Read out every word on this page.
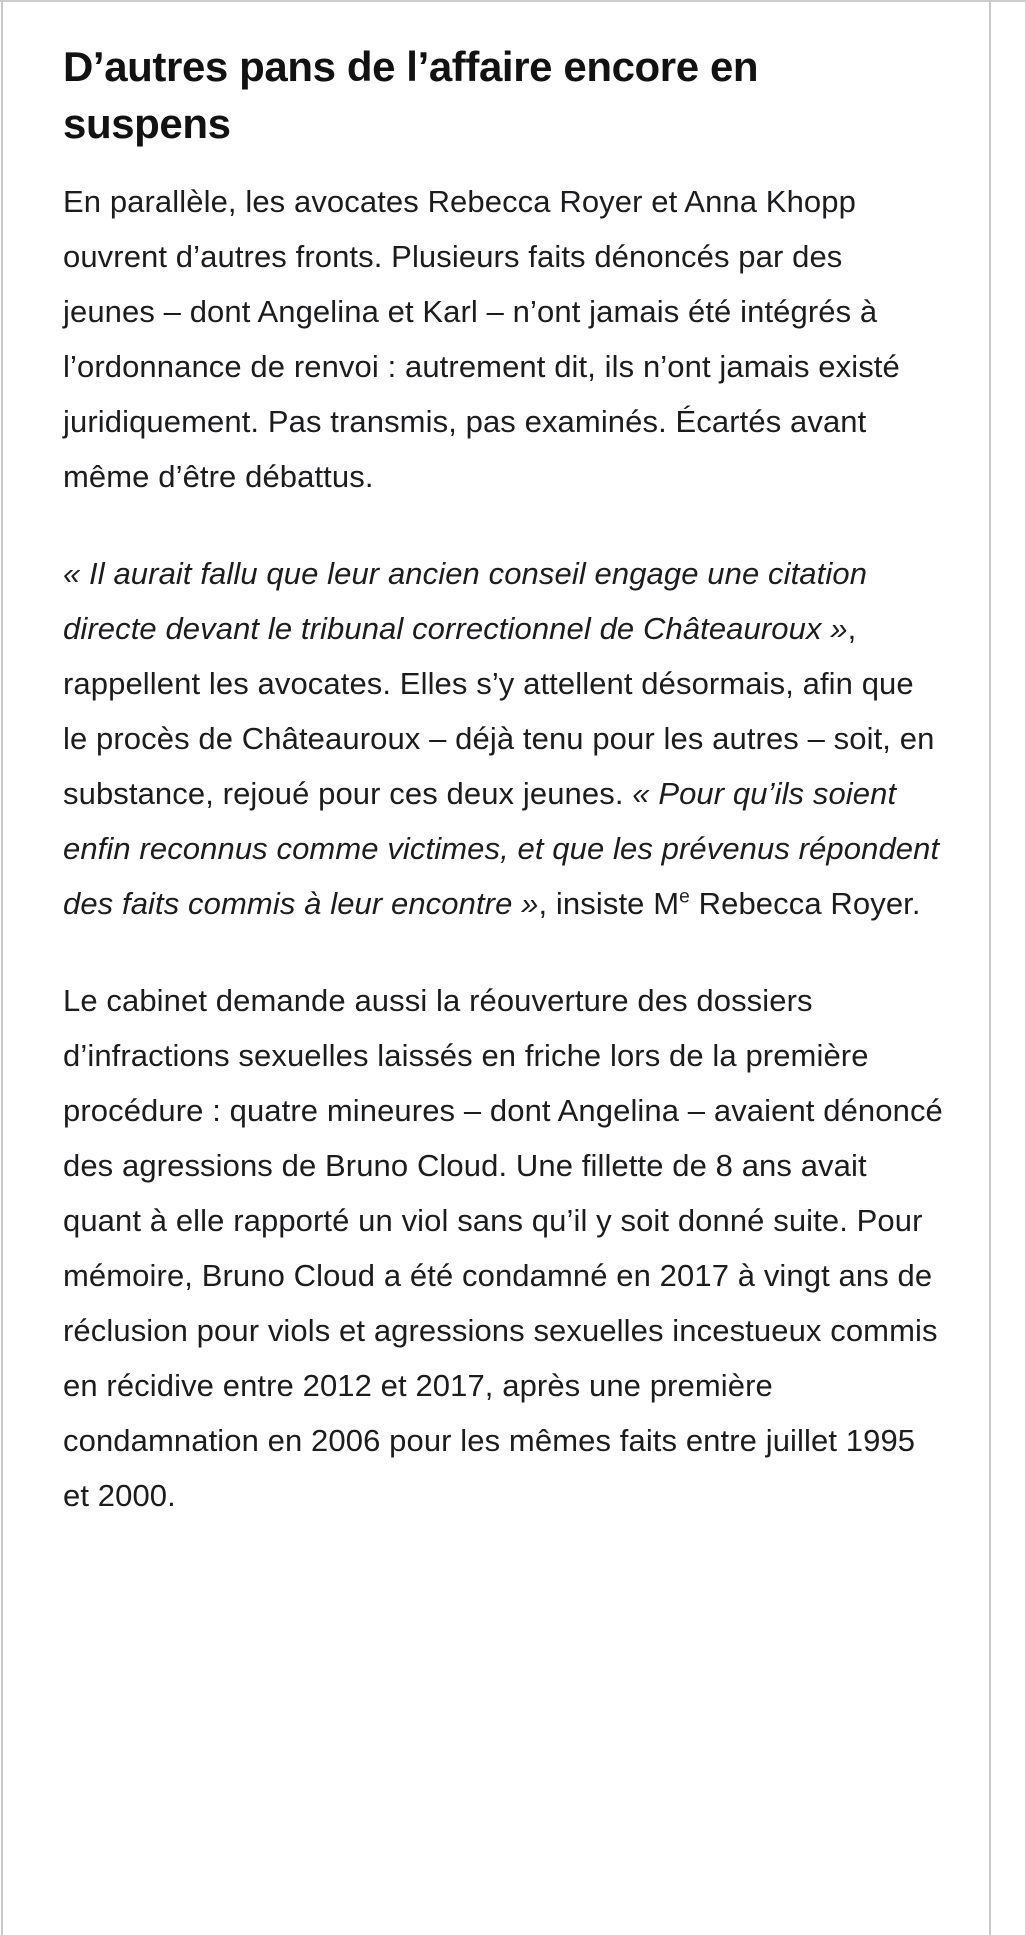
D’autres pans de l’affaire encore en suspens

En parallèle, les avocates Rebecca Royer et Anna Khopp ouvrent d’autres fronts. Plusieurs faits dénoncés par des jeunes – dont Angelina et Karl – n’ont jamais été intégrés à l’ordonnance de renvoi : autrement dit, ils n’ont jamais existé juridiquement. Pas transmis, pas examinés. Écartés avant même d’être débattus.

« Il aurait fallu que leur ancien conseil engage une citation directe devant le tribunal correctionnel de Châteauroux », rappellent les avocates. Elles s’y attellent désormais, afin que le procès de Châteauroux – déjà tenu pour les autres – soit, en substance, rejoué pour ces deux jeunes. « Pour qu’ils soient enfin reconnus comme victimes, et que les prévenus répondent des faits commis à leur encontre », insiste Me Rebecca Royer.

Le cabinet demande aussi la réouverture des dossiers d’infractions sexuelles laissés en friche lors de la première procédure : quatre mineures – dont Angelina – avaient dénoncé des agressions de Bruno Cloud. Une fillette de 8 ans avait quant à elle rapporté un viol sans qu’il y soit donné suite. Pour mémoire, Bruno Cloud a été condamné en 2017 à vingt ans de réclusion pour viols et agressions sexuelles incestueux commis en récidive entre 2012 et 2017, après une première condamnation en 2006 pour les mêmes faits entre juillet 1995 et 2000.
